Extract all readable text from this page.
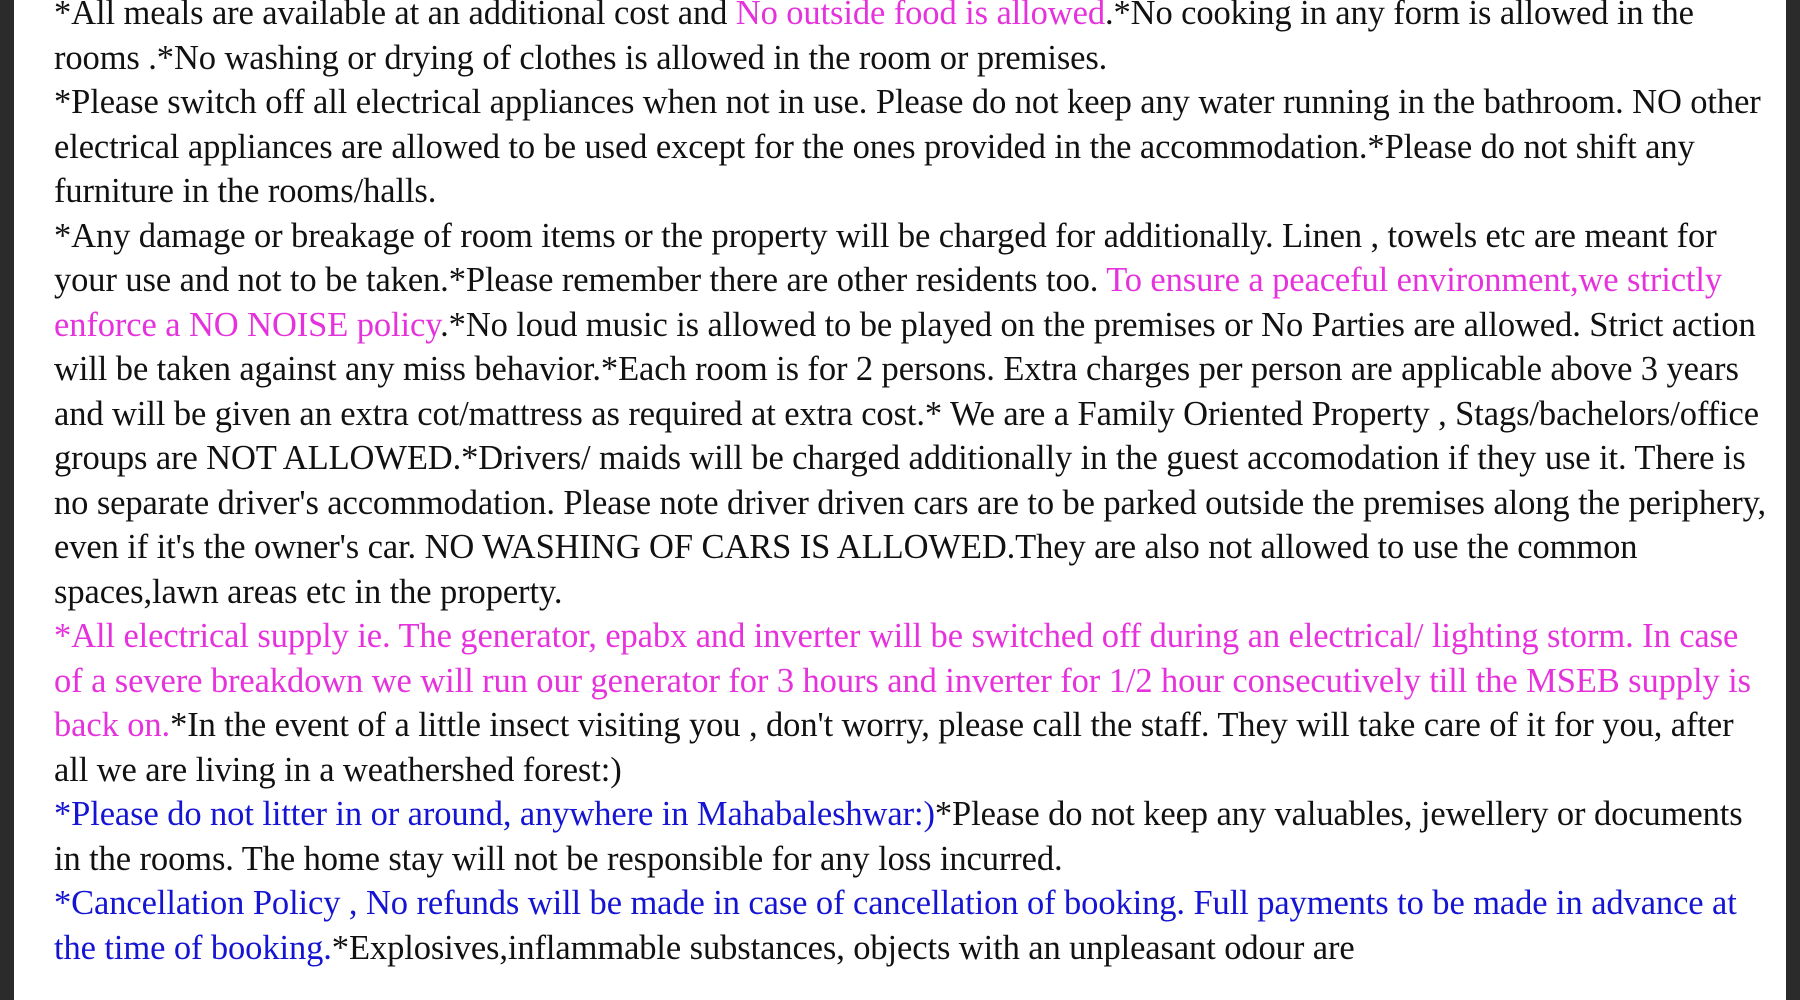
*All meals are available at an additional cost and No outside food is allowed.*No cooking in any form is allowed in the rooms .*No washing or drying of clothes is allowed in the room or premises.

*Please switch off all electrical appliances when not in use. Please do not keep any water running in the bathroom. NO other electrical appliances are allowed to be used except for the ones provided in the accommodation.*Please do not shift any furniture in the rooms/halls.

*Any damage or breakage of room items or the property will be charged for additionally. Linen , towels etc are meant for your use and not to be taken.*Please remember there are other residents too. To ensure a peaceful environment,we strictly enforce a NO NOISE policy.*No loud music is allowed to be played on the premises or No Parties are allowed. Strict action will be taken against any miss behavior.*Each room is for 2 persons. Extra charges per person are applicable above 3 years and will be given an extra cot/mattress as required at extra cost.* We are a Family Oriented Property , Stags/bachelors/office groups are NOT ALLOWED.*Drivers/ maids will be charged additionally in the guest accomodation if they use it. There is no separate driver's accommodation. Please note driver driven cars are to be parked outside the premises along the periphery, even if it's the owner's car. NO WASHING OF CARS IS ALLOWED.They are also not allowed to use the common spaces,lawn areas etc in the property.

*All electrical supply ie. The generator, epabx and inverter will be switched off during an electrical/ lighting storm. In case of a severe breakdown we will run our generator for 3 hours and inverter for 1/2 hour consecutively till the MSEB supply is back on.*In the event of a little insect visiting you , don't worry, please call the staff. They will take care of it for you, after all we are living in a weathershed forest:)

*Please do not litter in or around, anywhere in Mahabaleshwar:)*Please do not keep any valuables, jewellery or documents in the rooms. The home stay will not be responsible for any loss incurred.

*Cancellation Policy , No refunds will be made in case of cancellation of booking. Full payments to be made in advance at the time of booking.*Explosives,inflammable substances, objects with an unpleasant odour are
